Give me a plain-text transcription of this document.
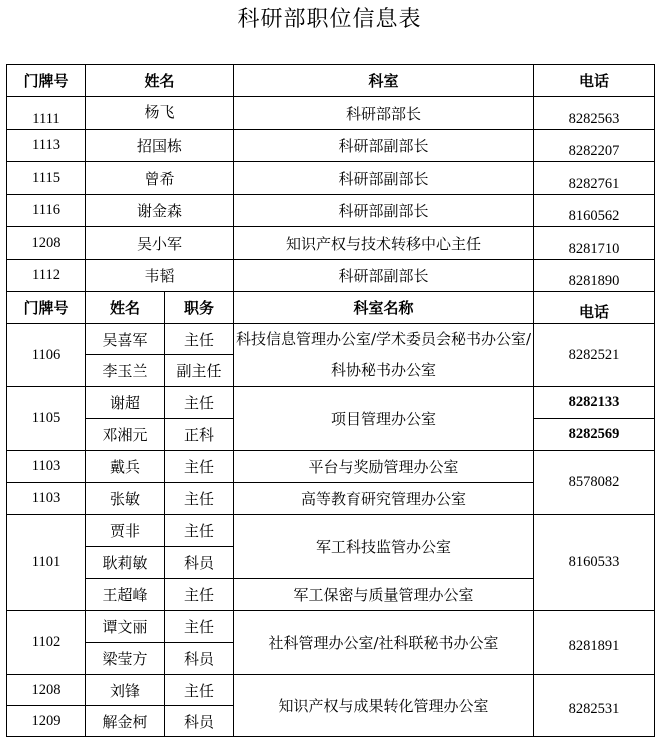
科研部职位信息表
门牌号	姓名		科室	电话
1111	杨飞		科研部部长	8282563
1113	招国栋		科研部副部长	8282207
1115	曾希		科研部副部长	8282761
1116	谢金森		科研部副部长	8160562
1208	吴小军		知识产权与技术转移中心主任	8281710
1112	韦韬		科研部副部长	8281890
门牌号	姓名	职务	科室名称	电话
1106	吴喜军	主任	科技信息管理办公室/学术委员会秘书办公室/科协秘书办公室	8282521
	李玉兰	副主任		
1105	谢超	主任	项目管理办公室	8282133
	邓湘元	正科		8282569
1103	戴兵	主任	平台与奖励管理办公室	8578082
1103	张敏	主任	高等教育研究管理办公室	
1101	贾非	主任	军工科技监管办公室	8160533
	耿莉敏	科员		
	王超峰	主任	军工保密与质量管理办公室	
1102	谭文丽	主任	社科管理办公室/社科联秘书办公室	8281891
	梁莹方	科员		
1208	刘锋	主任	知识产权与成果转化管理办公室	8282531
1209	解金柯	科员		
